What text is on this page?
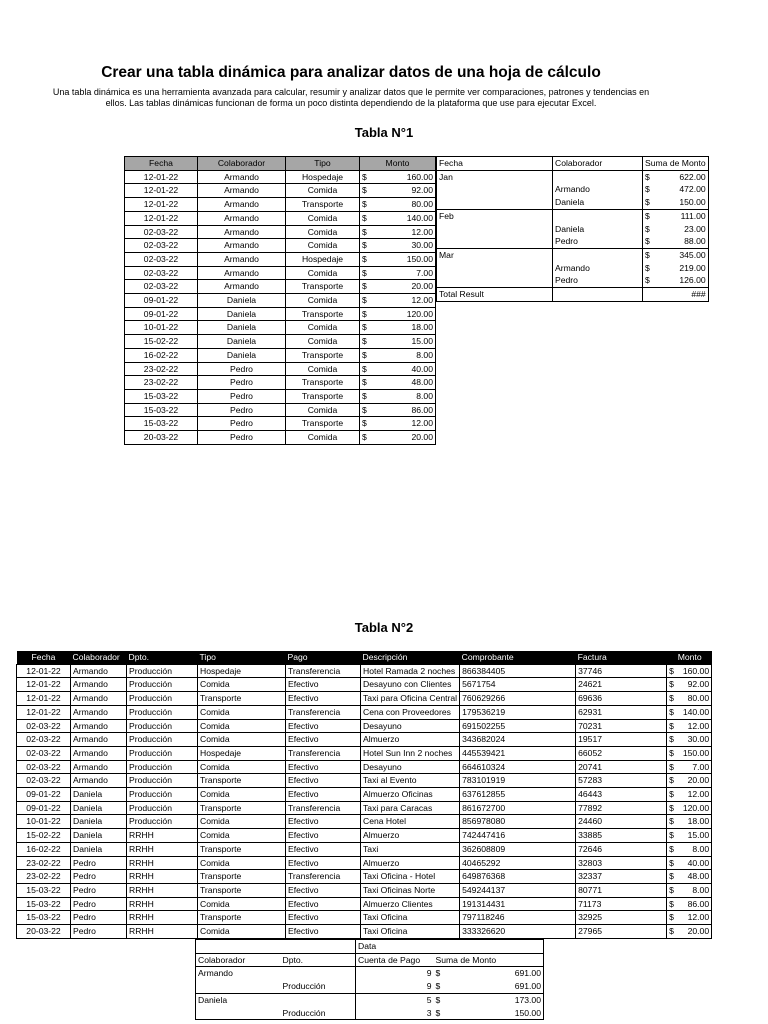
Crear una tabla dinámica para analizar datos de una hoja de cálculo
Una tabla dinámica es una herramienta avanzada para calcular, resumir y analizar datos que le permite ver comparaciones, patrones y tendencias en
ellos. Las tablas dinámicas funcionan de forma un poco distinta dependiendo de la plataforma que use para ejecutar Excel.
Tabla N°1
Fecha	Colaborador	Tipo	Monto
12-01-22	Armando	Hospedaje	$ 160.00

12-01-22	Armando	Comida	$ 92.00

12-01-22	Armando	Transporte	$ 80.00

12-01-22	Armando	Comida	$ 140.00

02-03-22	Armando	Comida	$ 12.00

02-03-22	Armando	Comida	$ 30.00

02-03-22	Armando	Hospedaje	$ 150.00

02-03-22	Armando	Comida	$ 7.00

02-03-22	Armando	Transporte	$ 20.00

09-01-22	Daniela	Comida	$ 12.00

09-01-22	Daniela	Transporte	$ 120.00

10-01-22	Daniela	Comida	$ 18.00

15-02-22	Daniela	Comida	$ 15.00

16-02-22	Daniela	Transporte	$ 8.00

23-02-22	Pedro	Comida	$ 40.00

23-02-22	Pedro	Transporte	$ 48.00

15-03-22	Pedro	Transporte	$ 8.00

15-03-22	Pedro	Comida	$ 86.00

15-03-22	Pedro	Transporte	$ 12.00

20-03-22	Pedro	Comida	$ 20.00
Fecha	Colaborador	Suma de Monto
Jan		$ 622.00

	Armando	$ 472.00

	Daniela	$ 150.00

Feb		$ 111.00

	Daniela	$ 23.00

	Pedro	$ 88.00

Mar		$ 345.00

	Armando	$ 219.00

	Pedro	$ 126.00

Total Result		###
Tabla N°2
Fecha	Colaborador	Dpto.	Tipo	Pago	Descripción	Comprobante	Factura	Monto
12-01-22	Armando	Producción	Hospedaje	Transferencia	Hotel Ramada 2 noches	866384405	37746	$ 160.00

12-01-22	Armando	Producción	Comida	Efectivo	Desayuno con Clientes	5671754	24621	$ 92.00

12-01-22	Armando	Producción	Transporte	Efectivo	Taxi para Oficina Central	760629266	69636	$ 80.00

12-01-22	Armando	Producción	Comida	Transferencia	Cena con Proveedores	179536219	62931	$ 140.00

02-03-22	Armando	Producción	Comida	Efectivo	Desayuno	691502255	70231	$ 12.00

02-03-22	Armando	Producción	Comida	Efectivo	Almuerzo	343682024	19517	$ 30.00

02-03-22	Armando	Producción	Hospedaje	Transferencia	Hotel Sun Inn 2 noches	445539421	66052	$ 150.00

02-03-22	Armando	Producción	Comida	Efectivo	Desayuno	664610324	20741	$ 7.00

02-03-22	Armando	Producción	Transporte	Efectivo	Taxi al Evento	783101919	57283	$ 20.00

09-01-22	Daniela	Producción	Comida	Efectivo	Almuerzo Oficinas	637612855	46443	$ 12.00

09-01-22	Daniela	Producción	Transporte	Transferencia	Taxi para Caracas	861672700	77892	$ 120.00

10-01-22	Daniela	Producción	Comida	Efectivo	Cena Hotel	856978080	24460	$ 18.00

15-02-22	Daniela	RRHH	Comida	Efectivo	Almuerzo	742447416	33885	$ 15.00

16-02-22	Daniela	RRHH	Transporte	Efectivo	Taxi	362608809	72646	$ 8.00

23-02-22	Pedro	RRHH	Comida	Efectivo	Almuerzo	40465292	32803	$ 40.00

23-02-22	Pedro	RRHH	Transporte	Transferencia	Taxi Oficina - Hotel	649876368	32337	$ 48.00

15-03-22	Pedro	RRHH	Transporte	Efectivo	Taxi Oficinas Norte	549244137	80771	$ 8.00

15-03-22	Pedro	RRHH	Comida	Efectivo	Almuerzo Clientes	191314431	71173	$ 86.00

15-03-22	Pedro	RRHH	Transporte	Efectivo	Taxi Oficina	797118246	32925	$ 12.00

20-03-22	Pedro	RRHH	Comida	Efectivo	Taxi Oficina	333326620	27965	$ 20.00
		Data	
Colaborador	Dpto.	Cuenta de Pago	Suma de Monto
Armando		9	$ 691.00

	Producción	9	$ 691.00

Daniela		5	$ 173.00

	Producción	3	$ 150.00
